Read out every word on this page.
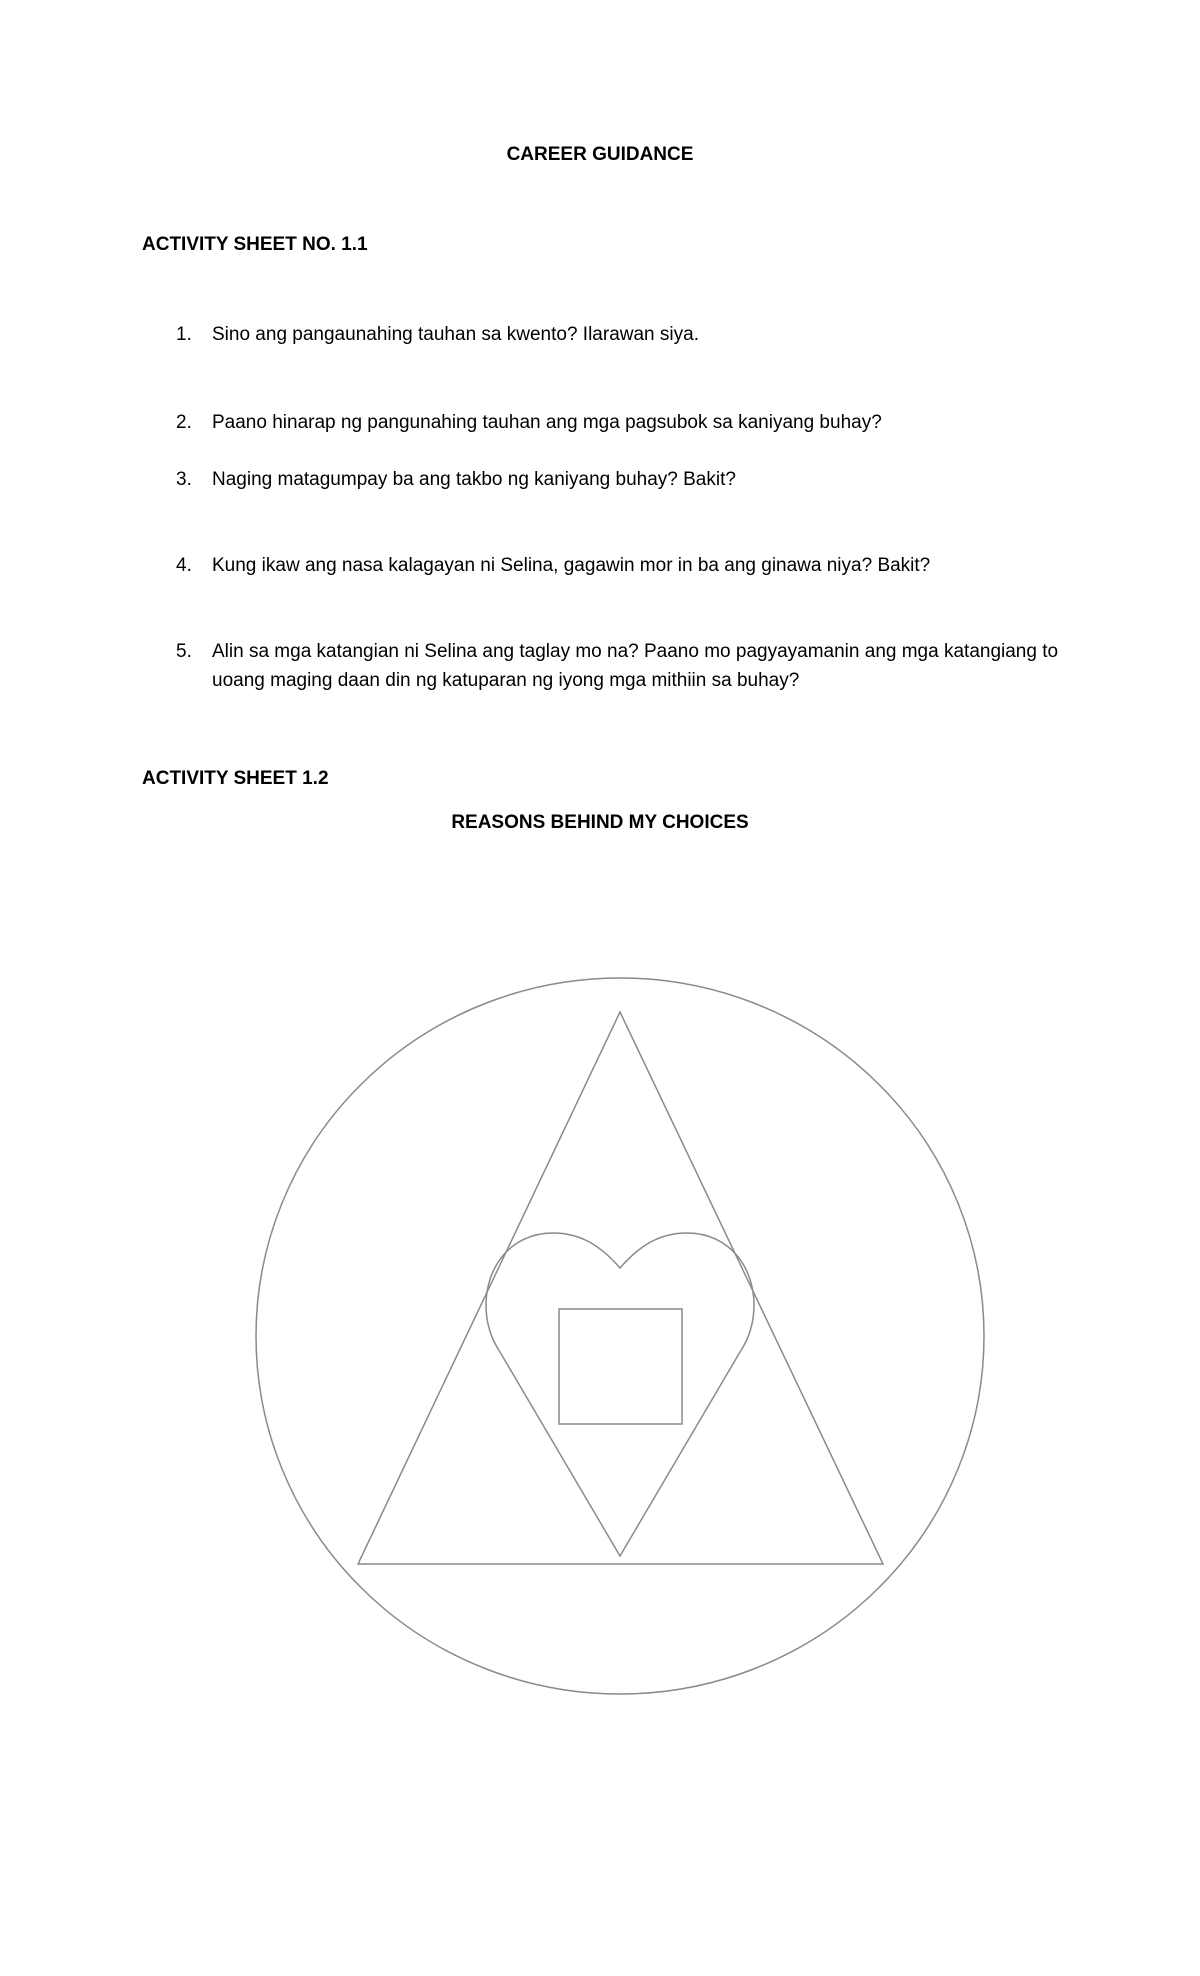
CAREER GUIDANCE
ACTIVITY SHEET NO. 1.1
1.	Sino ang pangaunahing tauhan sa kwento? Ilarawan siya.
2.	Paano hinarap ng pangunahing tauhan ang mga pagsubok sa kaniyang buhay?
3.	Naging matagumpay ba ang takbo ng kaniyang buhay? Bakit?
4.	Kung ikaw ang nasa kalagayan ni Selina, gagawin mor in ba ang ginawa niya? Bakit?
5.	Alin sa mga katangian ni Selina ang taglay mo na? Paano mo pagyayamanin ang mga katangiang to uoang maging daan din ng katuparan ng iyong mga mithiin sa buhay?
ACTIVITY SHEET 1.2
REASONS BEHIND MY CHOICES
